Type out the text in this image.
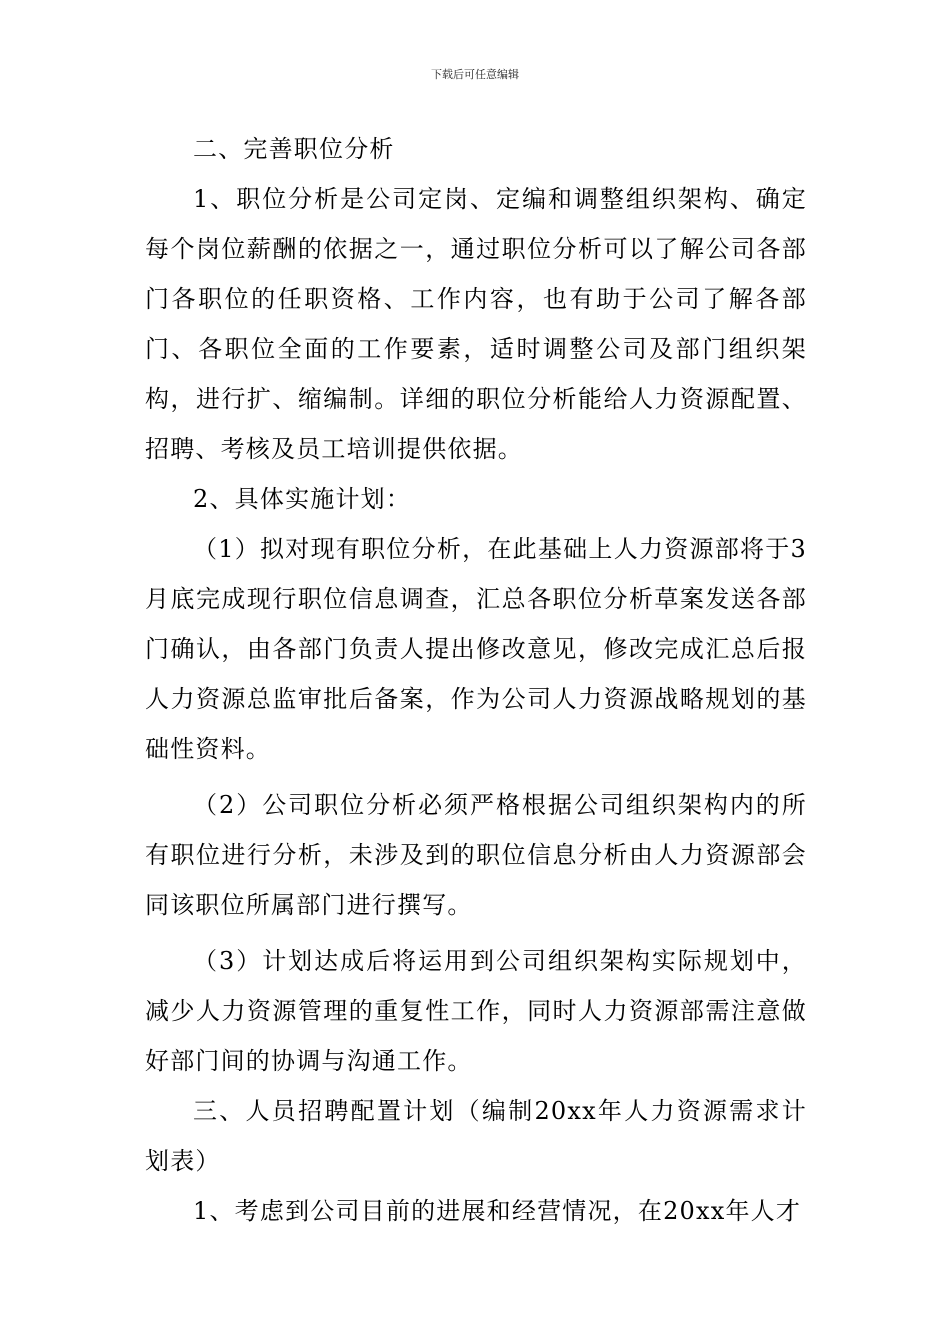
下载后可任意编辑

二、完善职位分析

1、职位分析是公司定岗、定编和调整组织架构、确定每个岗位薪酬的依据之一，通过职位分析可以了解公司各部门各职位的任职资格、工作内容，也有助于公司了解各部门、各职位全面的工作要素，适时调整公司及部门组织架构，进行扩、缩编制。详细的职位分析能给人力资源配置、招聘、考核及员工培训提供依据。

2、具体实施计划：

（1）拟对现有职位分析，在此基础上人力资源部将于3月底完成现行职位信息调查，汇总各职位分析草案发送各部门确认，由各部门负责人提出修改意见，修改完成汇总后报人力资源总监审批后备案，作为公司人力资源战略规划的基础性资料。

（2）公司职位分析必须严格根据公司组织架构内的所有职位进行分析，未涉及到的职位信息分析由人力资源部会同该职位所属部门进行撰写。

（3）计划达成后将运用到公司组织架构实际规划中，减少人力资源管理的重复性工作，同时人力资源部需注意做好部门间的协调与沟通工作。

三、人员招聘配置计划（编制20xx年人力资源需求计划表）

1、考虑到公司目前的进展和经营情况，在20xx年人才
